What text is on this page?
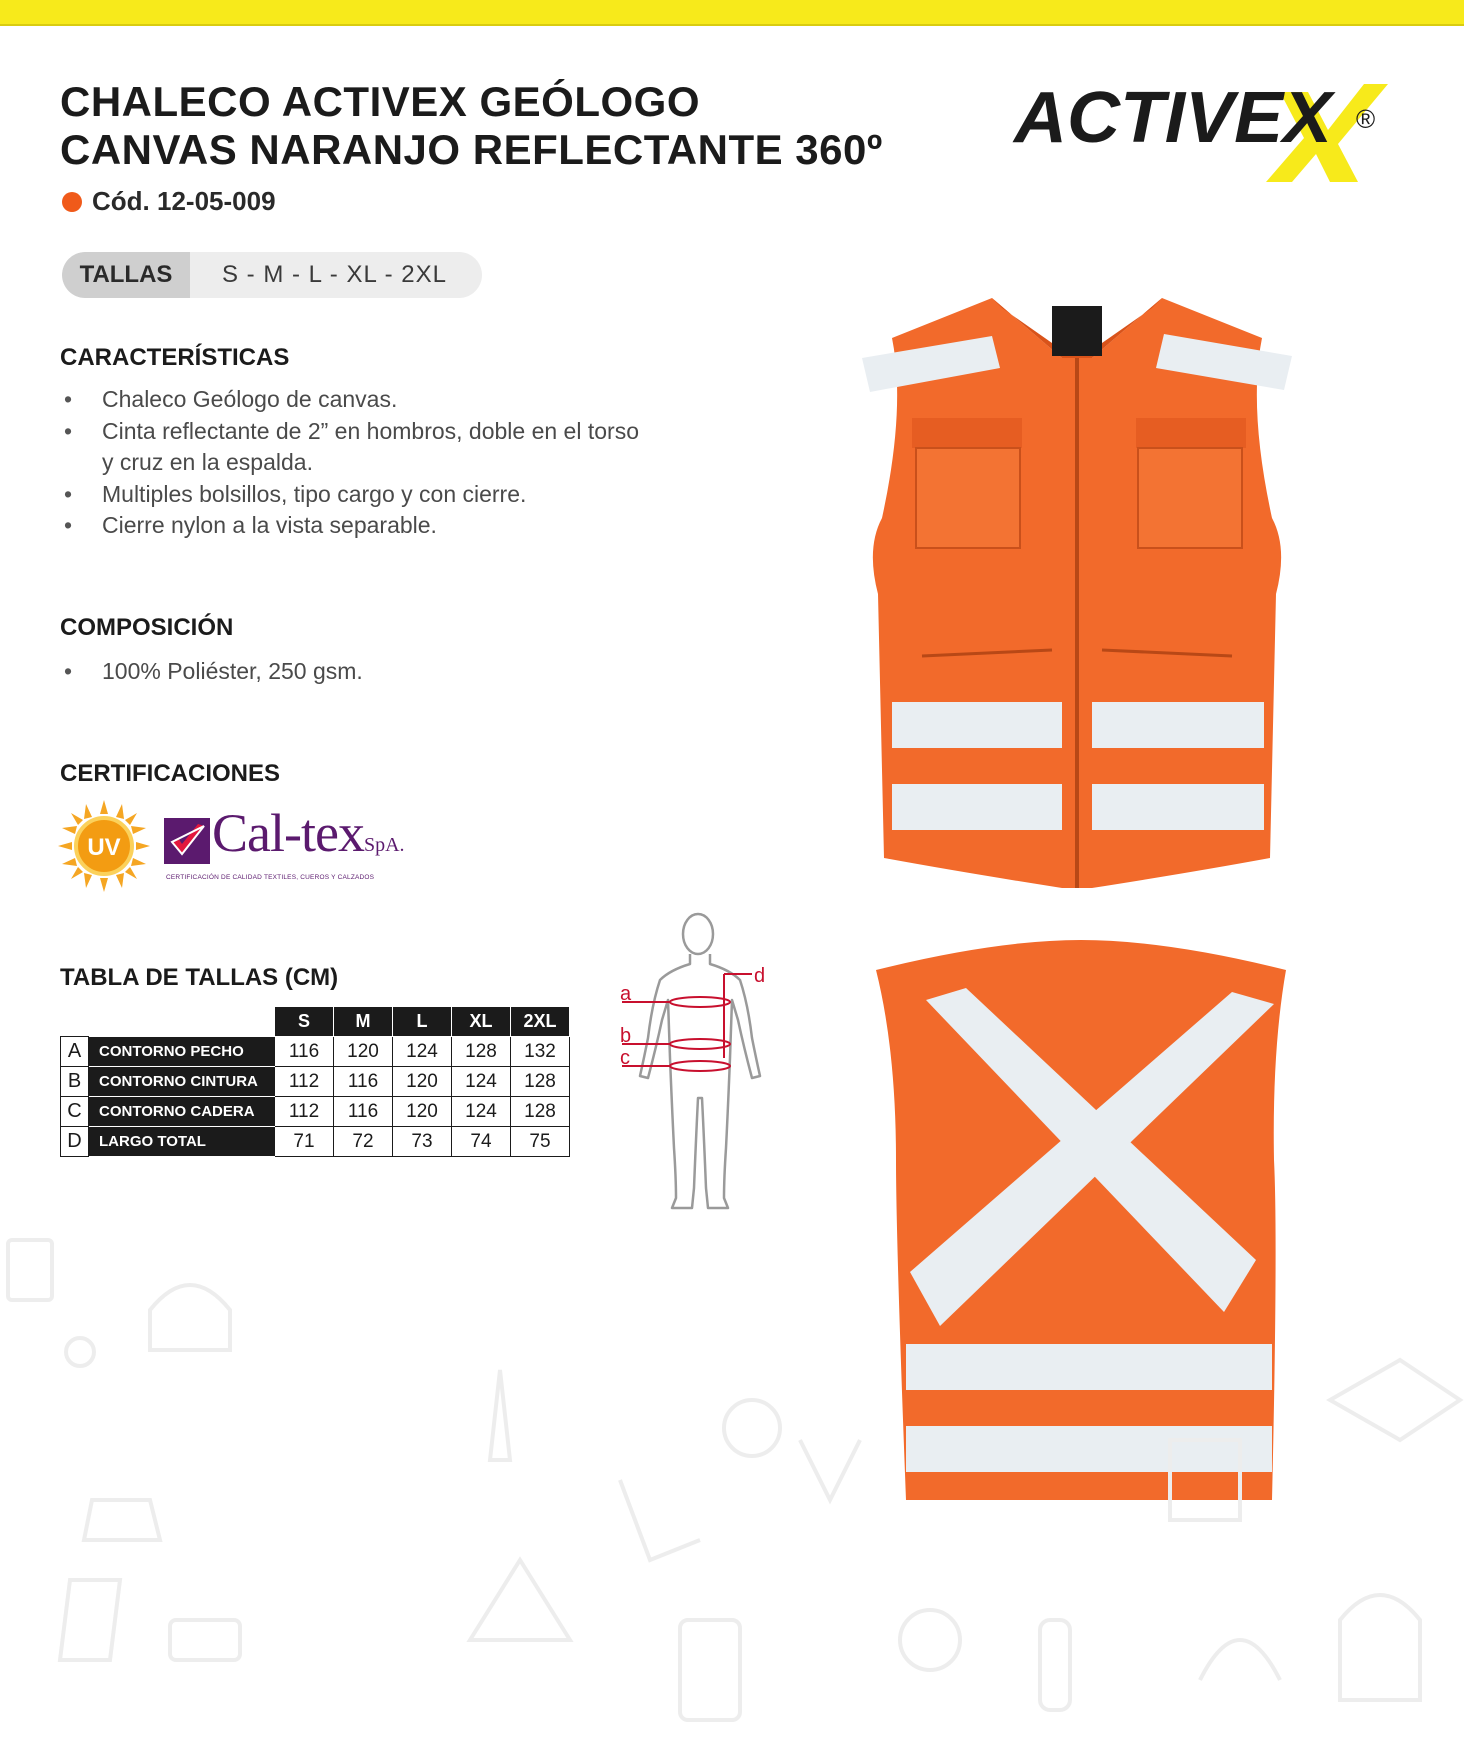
CHALECO ACTIVEX GEÓLOGO
CANVAS NARANJO REFLECTANTE 360º
Cód. 12-05-009
TALLAS	S - M - L - XL - 2XL
ACTIVEX ®
CARACTERÍSTICAS
• Chaleco Geólogo de canvas.
• Cinta reflectante de 2” en hombros, doble en el torso y cruz en la espalda.
• Multiples bolsillos, tipo cargo y con cierre.
• Cierre nylon a la vista separable.
COMPOSICIÓN
• 100% Poliéster, 250 gsm.
CERTIFICACIONES
UV Cal-texSpA.
CERTIFICACIÓN DE CALIDAD TEXTILES, CUEROS Y CALZADOS
TABLA DE TALLAS (CM)
		S	M	L	XL	2XL
A	CONTORNO PECHO	116	120	124	128	132
B	CONTORNO CINTURA	112	116	120	124	128
C	CONTORNO CADERA	112	116	120	124	128
D	LARGO TOTAL	71	72	73	74	75
a
b
c
d
